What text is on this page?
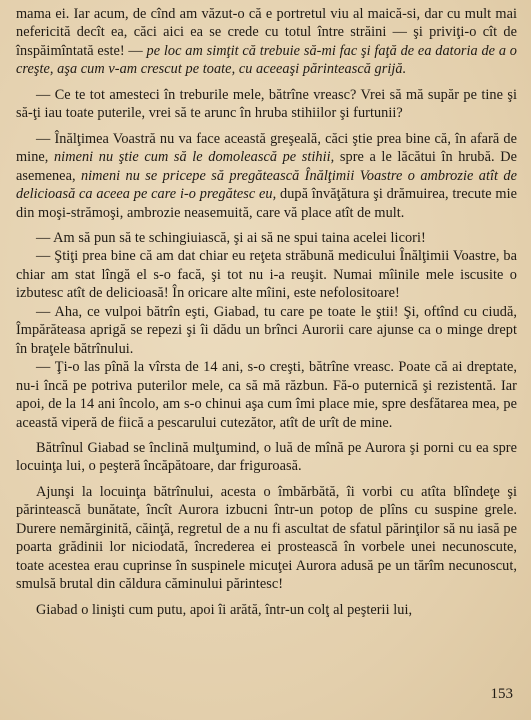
mama ei. Iar acum, de cînd am văzut-o că e portretul viu al maică-si, dar cu mult mai nefericită decît ea, căci aici ea se crede cu totul între străini — şi priviţi-o cît de înspăimîntată este! — pe loc am simţit că trebuie să-mi fac şi faţă de ea datoria de a o creşte, aşa cum v-am crescut pe toate, cu aceeaşi părintească grijă.

— Ce te tot amesteci în treburile mele, bătrîne vreasc? Vrei să mă supăr pe tine şi să-ţi iau toate puterile, vrei să te arunc în hruba stihiilor şi furtunii?

— Înălţimea Voastră nu va face această greşeală, căci ştie prea bine că, în afară de mine, nimeni nu ştie cum să le domolească pe stihii, spre a le lăcătui în hrubă. De asemenea, nimeni nu se pricepe să pregătească Înălţimii Voastre o ambrozie atît de delicioasă ca aceea pe care i-o pregătesc eu, după învăţătura şi drămuirea, trecute mie din moşi-strămoşi, ambrozie neasemuită, care vă place atît de mult.

— Am să pun să te schingiuiască, şi ai să ne spui taina acelei licori!

— Ştiţi prea bine că am dat chiar eu reţeta străbună medicului Înălţimii Voastre, ba chiar am stat lîngă el s-o facă, şi tot nu i-a reuşit. Numai mîinile mele iscusite o izbutesc atît de delicioasă! În oricare alte mîini, este nefolositoare!

— Aha, ce vulpoi bătrîn eşti, Giabad, tu care pe toate le ştii! Şi, oftînd cu ciudă, Împărăteasa aprigă se repezi şi îi dădu un brînci Aurorii care ajunse ca o minge drept în braţele bătrînului.

— Ţi-o las pînă la vîrsta de 14 ani, s-o creşti, bătrîne vreasc. Poate că ai dreptate, nu-i încă pe potriva puterilor mele, ca să mă răzbun. Fă-o puternică şi rezistentă. Iar apoi, de la 14 ani încolo, am s-o chinui aşa cum îmi place mie, spre desfătarea mea, pe această viperă de fiică a pescarului cutezător, atît de urît de mine.

Bătrînul Giabad se înclină mulţumind, o luă de mînă pe Aurora şi porni cu ea spre locuinţa lui, o peşteră încăpătoare, dar friguroasă.

Ajunşi la locuinţa bătrînului, acesta o îmbărbătă, îi vorbi cu atîta blîndeţe şi părintească bunătate, încît Aurora izbucni într-un potop de plîns cu suspine grele. Durere nemărginită, căinţă, regretul de a nu fi ascultat de sfatul părinţilor să nu iasă pe poarta grădinii lor niciodată, încrederea ei prostească în vorbele unei necunoscute, toate acestea erau cuprinse în suspinele micuţei Aurora adusă pe un tărîm necunoscut, smulsă brutal din căldura căminului părintesc!

Giabad o linişti cum putu, apoi îi arătă, într-un colţ al peşterii lui,

153
